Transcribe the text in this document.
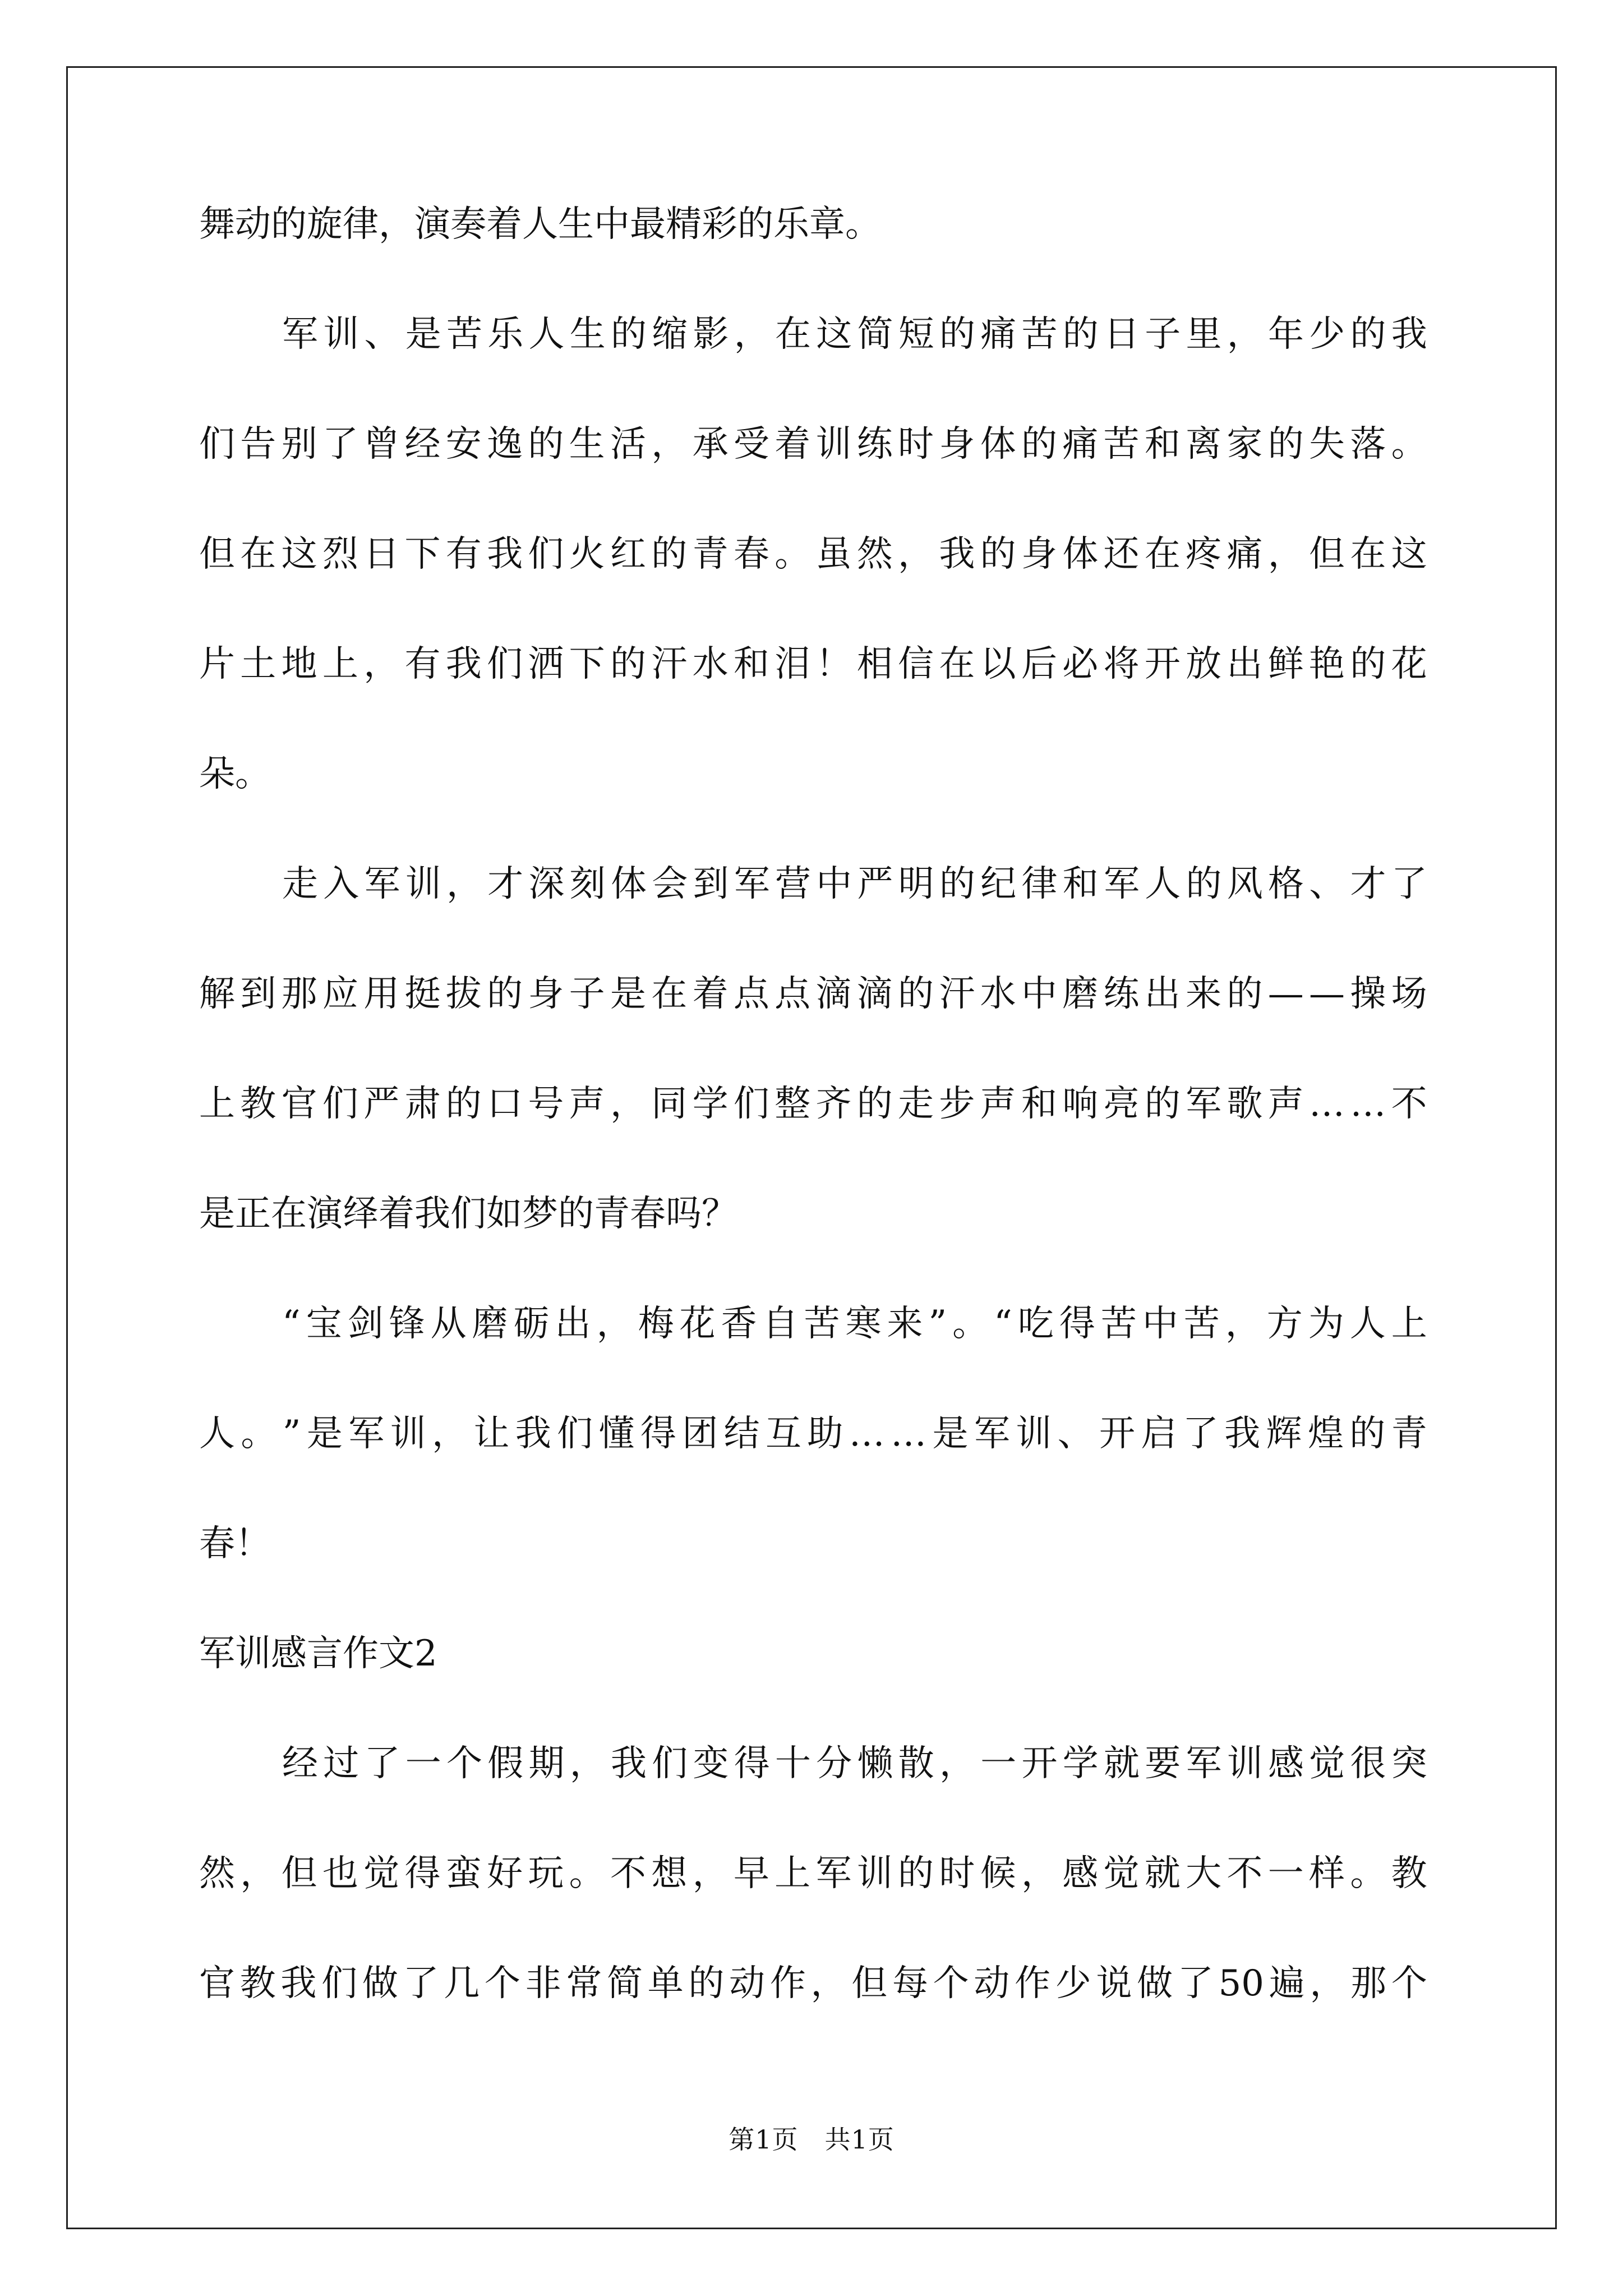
舞动的旋律，演奏着人生中最精彩的乐章。
军 训 、 是 苦 乐 人 生 的 缩 影 ， 在 这 简 短 的 痛 苦 的 日 子 里 ， 年 少 的 我
们 告 别 了 曾 经 安 逸 的 生 活 ， 承 受 着 训 练 时 身 体 的 痛 苦 和 离 家 的 失 落 。
但 在 这 烈 日 下 有 我 们 火 红 的 青 春 。 虽 然 ， 我 的 身 体 还 在 疼 痛 ， 但 在 这
片 土 地 上 ， 有 我 们 洒 下 的 汗 水 和 泪 ！ 相 信 在 以 后 必 将 开 放 出 鲜 艳 的 花
朵。
走 入 军 训 ， 才 深 刻 体 会 到 军 营 中 严 明 的 纪 律 和 军 人 的 风 格 、 才 了
解 到 那 应 用 挺 拔 的 身 子 是 在 着 点 点 滴 滴 的 汗 水 中 磨 练 出 来 的 — — 操 场
上 教 官 们 严 肃 的 口 号 声 ， 同 学 们 整 齐 的 走 步 声 和 响 亮 的 军 歌 声 … … 不
是正在演绎着我们如梦的青春吗？
“ 宝 剑 锋 从 磨 砺 出 ， 梅 花 香 自 苦 寒 来 ” 。 “ 吃 得 苦 中 苦 ， 方 为 人 上
人 。 ” 是 军 训 ， 让 我 们 懂 得 团 结 互 助 … … 是 军 训 、 开 启 了 我 辉 煌 的 青
春！
军训感言作文2
经 过 了 一 个 假 期 ， 我 们 变 得 十 分 懒 散 ， 一 开 学 就 要 军 训 感 觉 很 突
然 ， 但 也 觉 得 蛮 好 玩 。 不 想 ， 早 上 军 训 的 时 候 ， 感 觉 就 大 不 一 样 。 教
官 教 我 们 做 了 几 个 非 常 简 单 的 动 作 ， 但 每 个 动 作 少 说 做 了 50 遍 ， 那 个
第1页　共1页
